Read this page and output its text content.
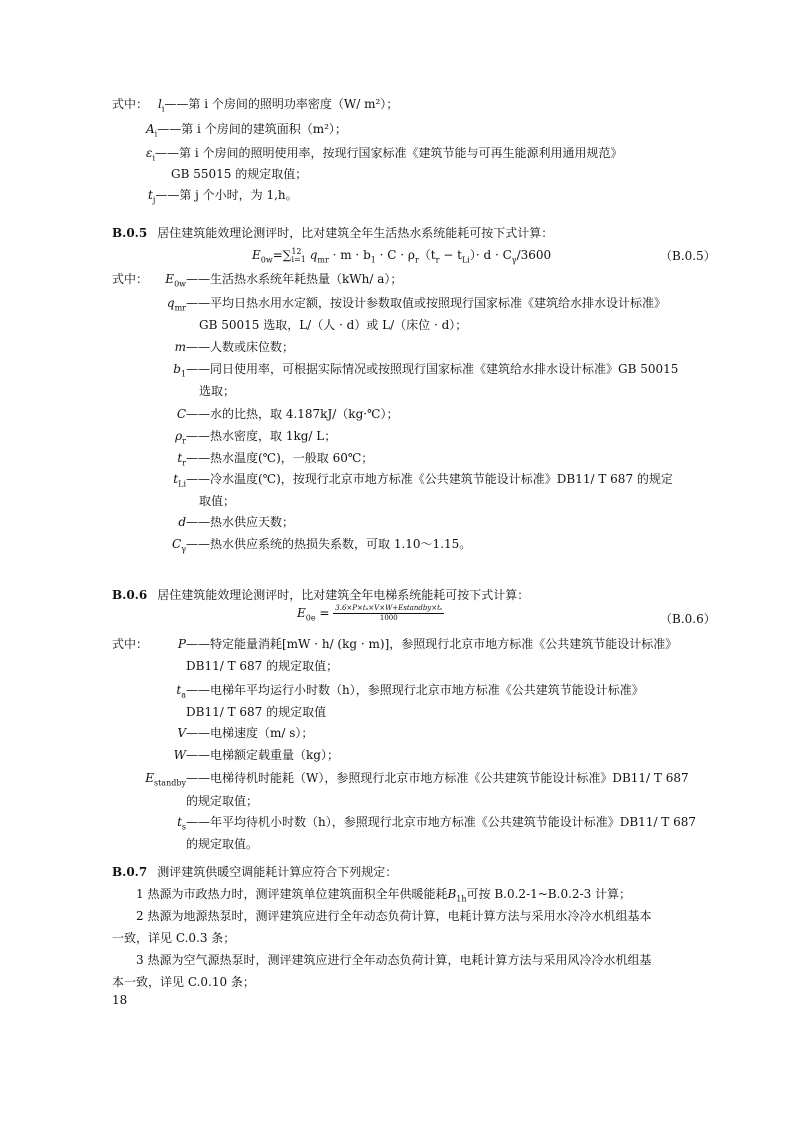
式中： $l_i——$第 i 个房间的照明功率密度（W/ m²）；
$A_i——$第 i 个房间的建筑面积（m²）；
$\varepsilon_i——$第 i 个房间的照明使用率，按现行国家标准《建筑节能与可再生能源利用通用规范》
GB 55015 的规定取值；
$t_j——$第 j 个小时，为 1,h。
B.0.5 居住建筑能效理论测评时，比对建筑全年生活热水系统能耗可按下式计算：
$E_{0w}=\sum^{12}_{i=1}$ $q_{mr} \cdot m \cdot b_1 \cdot C \cdot \rho_r(t_r - t_{Li})\cdot d \cdot C_\gamma/3600$	（B.0.5）
式中： $E_{0w}——$生活热水系统年耗热量（kWh/ a）；
$q_{mr}——$平均日热水用水定额，按设计参数取值或按照现行国家标准《建筑给水排水设计标准》
GB 50015 选取，L/（人 · d）或 L/（床位 · d）；
m——人数或床位数；
$b_1——$同日使用率，可根据实际情况或按照现行国家标准《建筑给水排水设计标准》GB 50015
选取；
C——水的比热，取 4.187kJ/（kg·℃）；
$\rho_r——$热水密度，取 1kg/ L；
$t_r——$热水温度(℃)，一般取 60℃；
$t_{Li}——$冷水温度(℃)，按现行北京市地方标准《公共建筑节能设计标准》DB11/ T 687 的规定
取值；
d——热水供应天数；
$C_\gamma——$热水供应系统的热损失系数，可取 1.10～1.15。
B.0.6 居住建筑能效理论测评时，比对建筑全年电梯系统能耗可按下式计算：
$E_{0e} = \frac{\text{3.6×P×tₐ×V×W+Estandby×tₛ}}{1000}$	（B.0.6）
式中： P——特定能量消耗[mW · h/ (kg · m)]，参照现行北京市地方标准《公共建筑节能设计标准》
DB11/ T 687 的规定取值；
$t_a——$电梯年平均运行小时数（h），参照现行北京市地方标准《公共建筑节能设计标准》
DB11/ T 687 的规定取值
V——电梯速度（m/ s）；
W——电梯额定载重量（kg）；
$E_{standby}——$电梯待机时能耗（W），参照现行北京市地方标准《公共建筑节能设计标准》DB11/ T 687
的规定取值；
$t_s——$年平均待机小时数（h），参照现行北京市地方标准《公共建筑节能设计标准》DB11/ T 687
的规定取值。
B.0.7 测评建筑供暖空调能耗计算应符合下列规定：
1 热源为市政热力时，测评建筑单位建筑面积全年供暖能耗$B_{1h}$可按 B.0.2-1~B.0.2-3 计算；
2 热源为地源热泵时，测评建筑应进行全年动态负荷计算，电耗计算方法与采用水冷冷水机组基本
一致，详见 C.0.3 条；
3 热源为空气源热泵时，测评建筑应进行全年动态负荷计算，电耗计算方法与采用风冷冷水机组基
本一致，详见 C.0.10 条；
18
